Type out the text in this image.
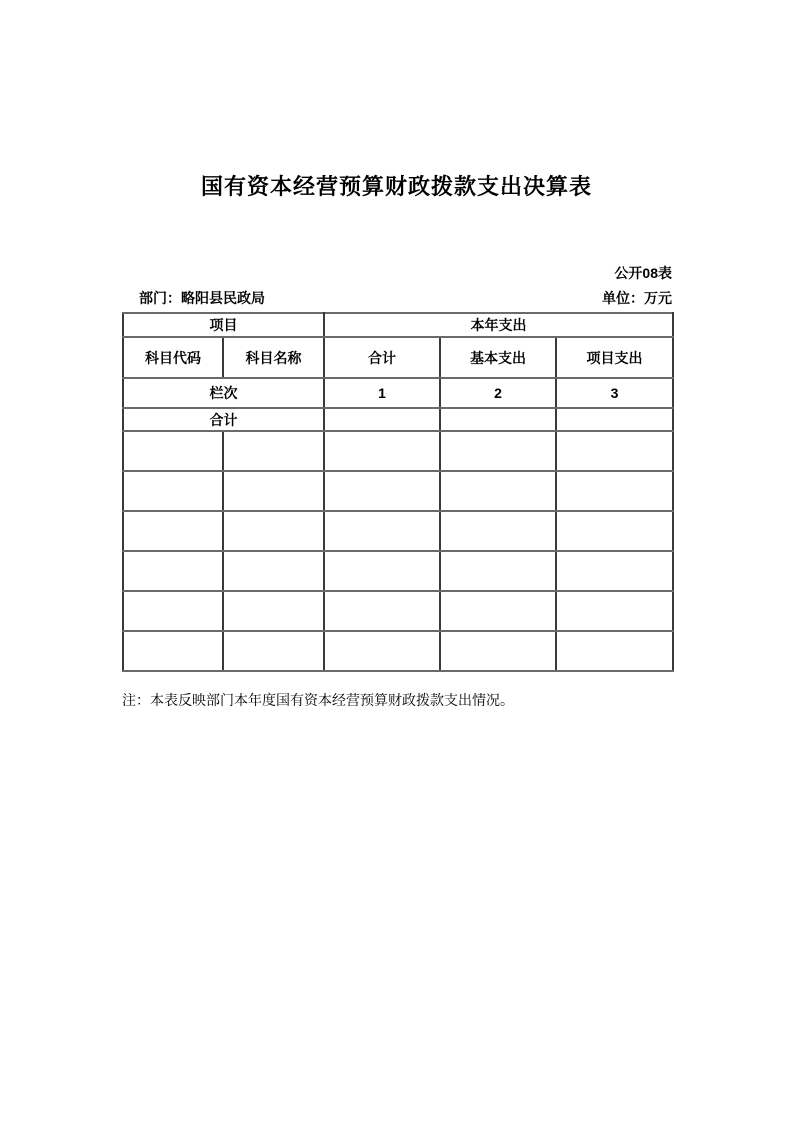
国有资本经营预算财政拨款支出决算表
公开08表
部门：略阳县民政局	单位：万元
项目		本年支出		
科目代码	科目名称	合计	基本支出	项目支出
栏次		1	2	3
合计				

注：本表反映部门本年度国有资本经营预算财政拨款支出情况。
